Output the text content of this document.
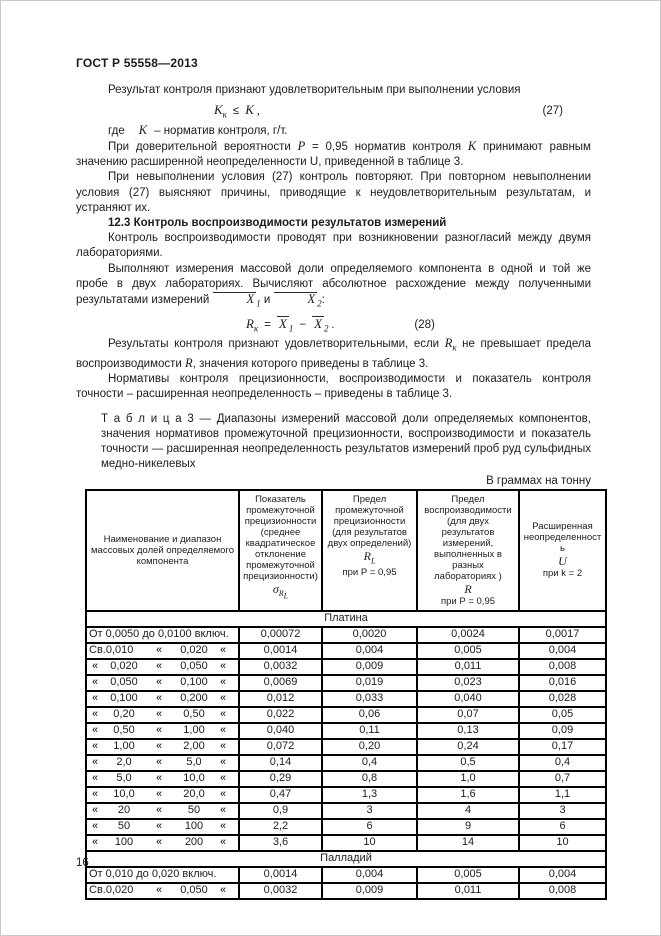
ГОСТ Р 55558—2013

Результат контроля признают удовлетворительным при выполнении условия

$K_к \le K$ ,	(27)

где К – норматив контроля, г/т.

При доверительной вероятности Р = 0,95 норматив контроля К принимают равным значению расширенной неопределенности U, приведенной в таблице 3.

При невыполнении условия (27) контроль повторяют. При повторном невыполнении условия (27) выясняют причины, приводящие к неудовлетворительным результатам, и устраняют их.

12.3 Контроль воспроизводимости результатов измерений

Контроль воспроизводимости проводят при возникновении разногласий между двумя лабораториями.

Выполняют измерения массовой доли определяемого компонента в одной и той же пробе в двух лабораториях. Вычисляют абсолютное расхождение между полученными результатами измерений	X $_1$ и	X $_2$:

$R_к = X$ $_1$ − X $_2$ .	(28)

Результаты контроля признают удовлетворительными, если $R_к$ не превышает предела воспроизводимости R, значения которого приведены в таблице 3.

Нормативы контроля прецизионности, воспроизводимости и показатель контроля точности – расширенная неопределенность – приведены в таблице 3.

Т а б л и ц а 3 — Диапазоны измерений массовой доли определяемых компонентов, значения нормативов промежуточной прецизионности, воспроизводимости и показатель точности — расширенная неопределенность результатов измерений проб руд сульфидных медно-никелевых

В граммах на тонну
Наименование и диапазон массовых долей определяемого компонента

Показатель промежуточной прецизионности (среднее квадратическое отклонение промежуточной прецизионности)
$\sigma_{R_L}$

Предел промежуточной прецизионности (для результатов двух определений)
$R_L$
при Р = 0,95

Предел воспроизводимости (для двух результатов измерений, выполненных в разных лабораториях )
R
при Р = 0,95

Расширенная неопределенность
U
при k = 2

Платина				
От 0,0050 до 0,0100 включ.	0,00072	0,0020	0,0024	0,0017
Св.0,010 « 0,020 «	0,0014	0,004	0,005	0,004
« 0,020 « 0,050 «	0,0032	0,009	0,011	0,008
« 0,050 « 0,100 «	0,0069	0,019	0,023	0,016
« 0,100 « 0,200 «	0,012	0,033	0,040	0,028
« 0,20 « 0,50 «	0,022	0,06	0,07	0,05
« 0,50 « 1,00 «	0,040	0,11	0,13	0,09
« 1,00 « 2,00 «	0,072	0,20	0,24	0,17
« 2,0 « 5,0 «	0,14	0,4	0,5	0,4
« 5,0 « 10,0 «	0,29	0,8	1,0	0,7
« 10,0 « 20,0 «	0,47	1,3	1,6	1,1
« 20 « 50 «	0,9	3	4	3
« 50 « 100 «	2,2	6	9	6
« 100 « 200 «	3,6	10	14	10
Палладий				
От 0,010 до 0,020 включ.	0,0014	0,004	0,005	0,004
Св.0,020 « 0,050 «	0,0032	0,009	0,011	0,008
16
